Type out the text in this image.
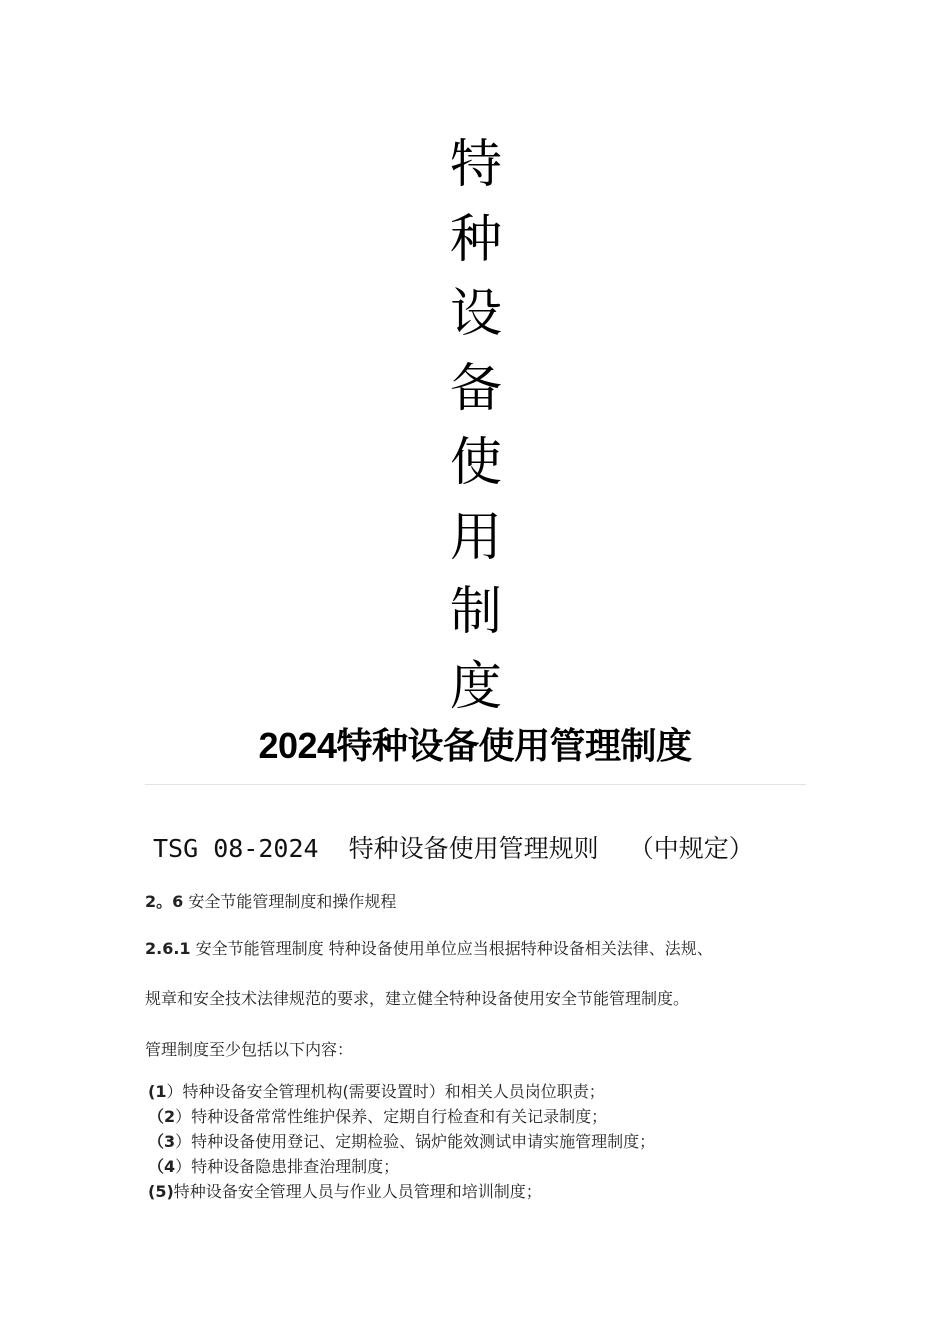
特
种
设
备
使
用
制
度
2024特种设备使用管理制度
TSG 08-2024  特种设备使用管理规则  （中规定）
2。6 安全节能管理制度和操作规程
2.6.1 安全节能管理制度 特种设备使用单位应当根据特种设备相关法律、法规、
规章和安全技术法律规范的要求，建立健全特种设备使用安全节能管理制度。
管理制度至少包括以下内容：
(1）特种设备安全管理机构(需要设置时）和相关人员岗位职责；
（2）特种设备常常性维护保养、定期自行检查和有关记录制度；
（3）特种设备使用登记、定期检验、锅炉能效测试申请实施管理制度；
（4）特种设备隐患排查治理制度；
(5)特种设备安全管理人员与作业人员管理和培训制度；
